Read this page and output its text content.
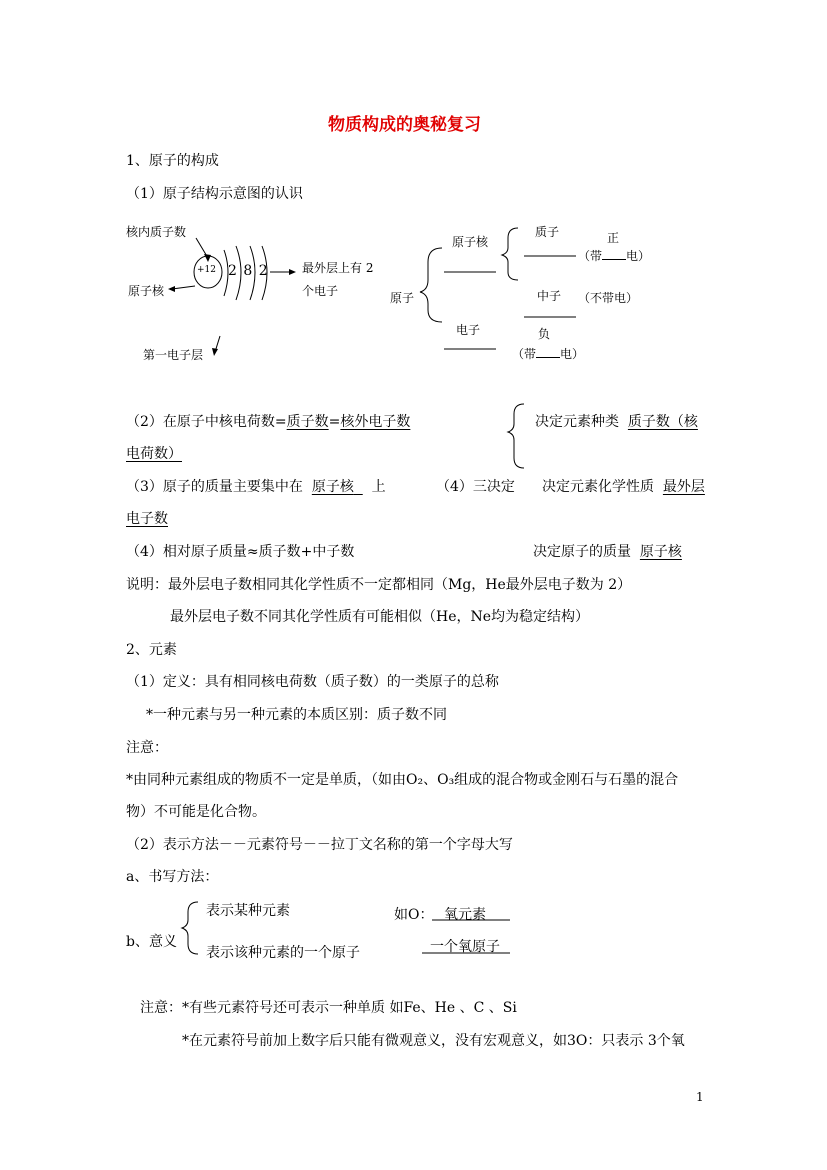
物质构成的奥秘复习
1、原子的构成
（1）原子结构示意图的认识
核内质子数
+12 2 8 2	最外层上有 2
个电子
原子核
第一电子层
原子
原子核
质子	正
（带 电）
中子 （不带电）
电子	负
（带 电）
（2）在原子中核电荷数=质子数=核外电子数
电荷数）
决定元素种类 质子数（核
（3）原子的质量主要集中在 原子核 上	（4）三决定 决定元素化学性质 最外层
电子数
（4）相对原子质量≈质子数+中子数	决定原子的质量 原子核
说明：最外层电子数相同其化学性质不一定都相同（Mg，He最外层电子数为 2）
最外层电子数不同其化学性质有可能相似（He，Ne均为稳定结构）
2、元素
（1）定义：具有相同核电荷数（质子数）的一类原子的总称
*一种元素与另一种元素的本质区别：质子数不同
注意：
*由同种元素组成的物质不一定是单质，（如由O₂、O₃组成的混合物或金刚石与石墨的混合
物）不可能是化合物。
（2）表示方法－－元素符号－－拉丁文名称的第一个字母大写
a、书写方法：
b、意义
表示某种元素
表示该种元素的一个原子
如O： 氧元素
一个氧原子
注意：*有些元素符号还可表示一种单质 如Fe、He 、C 、Si
*在元素符号前加上数字后只能有微观意义，没有宏观意义，如3O：只表示 3个氧
1
